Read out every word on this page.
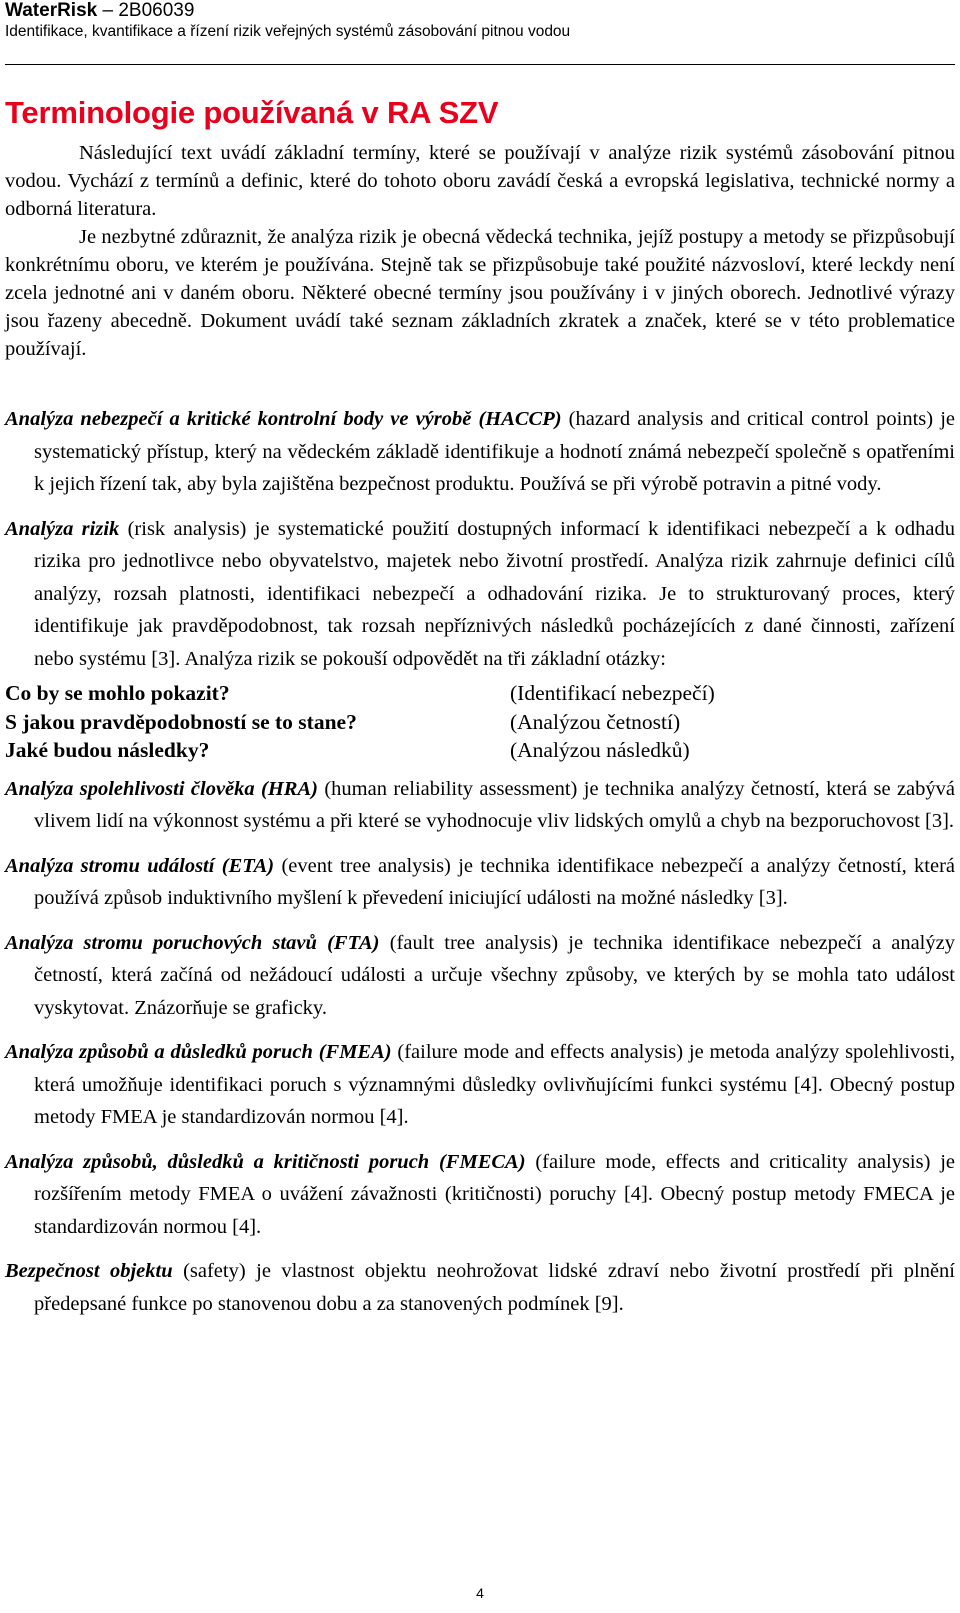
WaterRisk – 2B06039
Identifikace, kvantifikace a řízení rizik veřejných systémů zásobování pitnou vodou
Terminologie používaná v RA SZV

Následující text uvádí základní termíny, které se používají v analýze rizik systémů zásobování pitnou vodou. Vychází z termínů a definic, které do tohoto oboru zavádí česká a evropská legislativa, technické normy a odborná literatura.

Je nezbytné zdůraznit, že analýza rizik je obecná vědecká technika, jejíž postupy a metody se přizpůsobují konkrétnímu oboru, ve kterém je používána. Stejně tak se přizpůsobuje také použité názvosloví, které leckdy není zcela jednotné ani v daném oboru. Některé obecné termíny jsou používány i v jiných oborech. Jednotlivé výrazy jsou řazeny abecedně. Dokument uvádí také seznam základních zkratek a značek, které se v této problematice používají.

Analýza nebezpečí a kritické kontrolní body ve výrobě (HACCP) (hazard analysis and critical control points) je systematický přístup, který na vědeckém základě identifikuje a hodnotí známá nebezpečí společně s opatřeními k jejich řízení tak, aby byla zajištěna bezpečnost produktu. Používá se při výrobě potravin a pitné vody.

Analýza rizik (risk analysis) je systematické použití dostupných informací k identifikaci nebezpečí a k odhadu rizika pro jednotlivce nebo obyvatelstvo, majetek nebo životní prostředí. Analýza rizik zahrnuje definici cílů analýzy, rozsah platnosti, identifikaci nebezpečí a odhadování rizika. Je to strukturovaný proces, který identifikuje jak pravděpodobnost, tak rozsah nepříznivých následků pocházejících z dané činnosti, zařízení nebo systému [3]. Analýza rizik se pokouší odpovědět na tři základní otázky:

Co by se mohlo pokazit?	(Identifikací nebezpečí)
S jakou pravděpodobností se to stane?	(Analýzou četností)
Jaké budou následky?	(Analýzou následků)

Analýza spolehlivosti člověka (HRA) (human reliability assessment) je technika analýzy četností, která se zabývá vlivem lidí na výkonnost systému a při které se vyhodnocuje vliv lidských omylů a chyb na bezporuchovost [3].

Analýza stromu událostí (ETA) (event tree analysis) je technika identifikace nebezpečí a analýzy četností, která používá způsob induktivního myšlení k převedení iniciující události na možné následky [3].

Analýza stromu poruchových stavů (FTA) (fault tree analysis) je technika identifikace nebezpečí a analýzy četností, která začíná od nežádoucí události a určuje všechny způsoby, ve kterých by se mohla tato událost vyskytovat. Znázorňuje se graficky.

Analýza způsobů a důsledků poruch (FMEA) (failure mode and effects analysis) je metoda analýzy spolehlivosti, která umožňuje identifikaci poruch s významnými důsledky ovlivňujícími funkci systému [4]. Obecný postup metody FMEA je standardizován normou [4].

Analýza způsobů, důsledků a kritičnosti poruch (FMECA) (failure mode, effects and criticality analysis) je rozšířením metody FMEA o uvážení závažnosti (kritičnosti) poruchy [4]. Obecný postup metody FMECA je standardizován normou [4].

Bezpečnost objektu (safety) je vlastnost objektu neohrožovat lidské zdraví nebo životní prostředí při plnění předepsané funkce po stanovenou dobu a za stanovených podmínek [9].

4
